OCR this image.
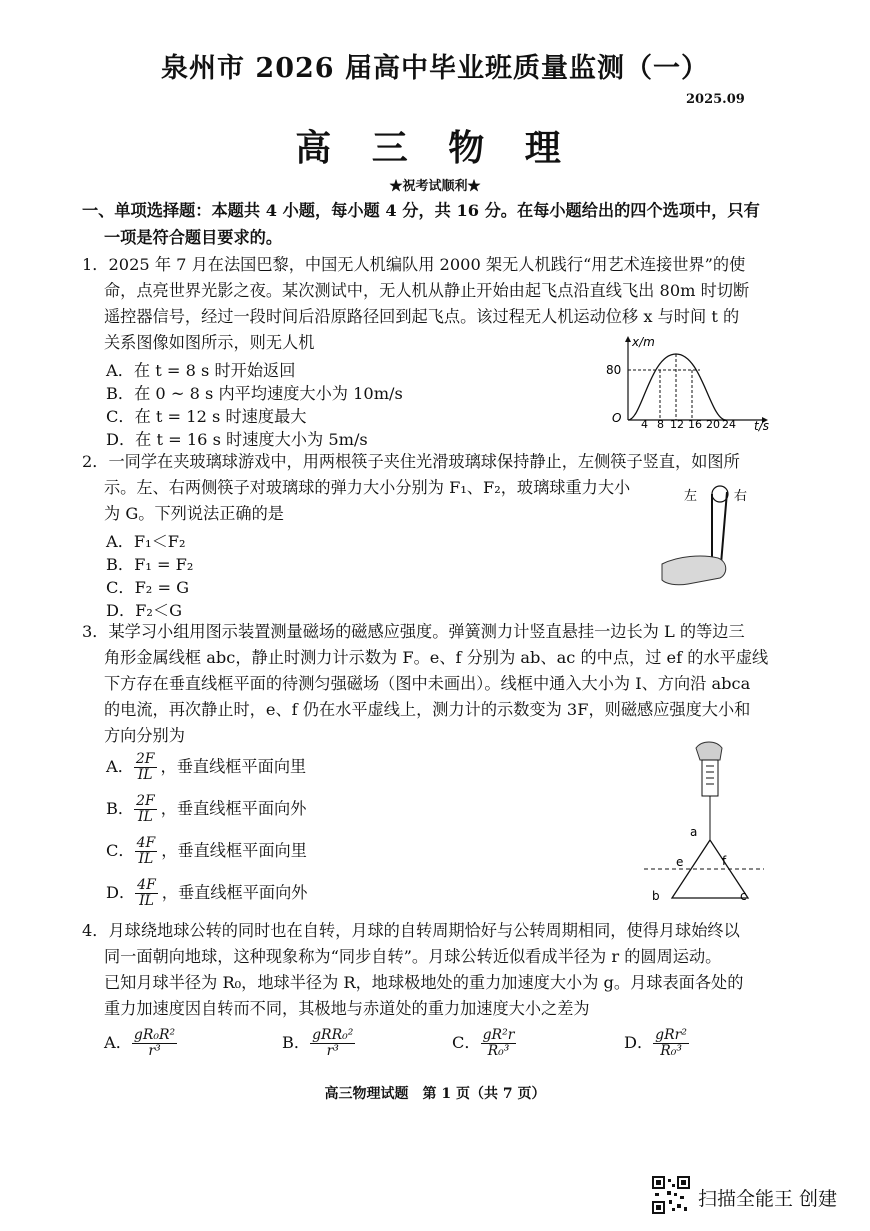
泉州市 2026 届高中毕业班质量监测（一）
2025.09
高 三 物 理
★祝考试顺利★
一、单项选择题：本题共 4 小题，每小题 4 分，共 16 分。在每小题给出的四个选项中，只有
一项是符合题目要求的。
1．2025 年 7 月在法国巴黎，中国无人机编队用 2000 架无人机践行“用艺术连接世界”的使
命，点亮世界光影之夜。某次测试中，无人机从静止开始由起飞点沿直线飞出 80m 时切断
遥控器信号，经过一段时间后沿原路径回到起飞点。该过程无人机运动位移 x 与时间 t 的
关系图像如图所示，则无人机
A．在 t = 8 s 时开始返回
B．在 0 ~ 8 s 内平均速度大小为 10m/s
C．在 t = 12 s 时速度最大
D．在 t = 16 s 时速度大小为 5m/s
x/m
t/s
O
80
4 8 12 16 20 24
2．一同学在夹玻璃球游戏中，用两根筷子夹住光滑玻璃球保持静止，左侧筷子竖直，如图所
示。左、右两侧筷子对玻璃球的弹力大小分别为 F₁、F₂，玻璃球重力大小
为 G。下列说法正确的是
A．F₁＜F₂
B．F₁ = F₂
C．F₂ = G
D．F₂＜G
左	右
3．某学习小组用图示装置测量磁场的磁感应强度。弹簧测力计竖直悬挂一边长为 L 的等边三
角形金属线框 abc，静止时测力计示数为 F。e、f 分别为 ab、ac 的中点，过 ef 的水平虚线
下方存在垂直线框平面的待测匀强磁场（图中未画出）。线框中通入大小为 I、方向沿 abca
的电流，再次静止时，e、f 仍在水平虚线上，测力计的示数变为 3F，则磁感应强度大小和
方向分别为
A． $\frac{2F}{IL}$ ，垂直线框平面向里
B． $\frac{2F}{IL}$ ，垂直线框平面向外
C． $\frac{4F}{IL}$ ，垂直线框平面向里
D． $\frac{4F}{IL}$ ，垂直线框平面向外
a
e	f
b	c
4．月球绕地球公转的同时也在自转，月球的自转周期恰好与公转周期相同，使得月球始终以
同一面朝向地球，这种现象称为“同步自转”。月球公转近似看成半径为 r 的圆周运动。
已知月球半径为 R₀，地球半径为 R，地球极地处的重力加速度大小为 g。月球表面各处的
重力加速度因自转而不同，其极地与赤道处的重力加速度大小之差为
A． $\frac{\text{gR₀R²}}{\text{r³}}$	B． $\frac{\text{gRR₀²}}{\text{r³}}$	C． $\frac{\text{gR²r}}{\text{R₀³}}$	D． $\frac{\text{gRr²}}{\text{R₀³}}$
高三物理试题　第 1 页（共 7 页）
扫描全能王 创建
